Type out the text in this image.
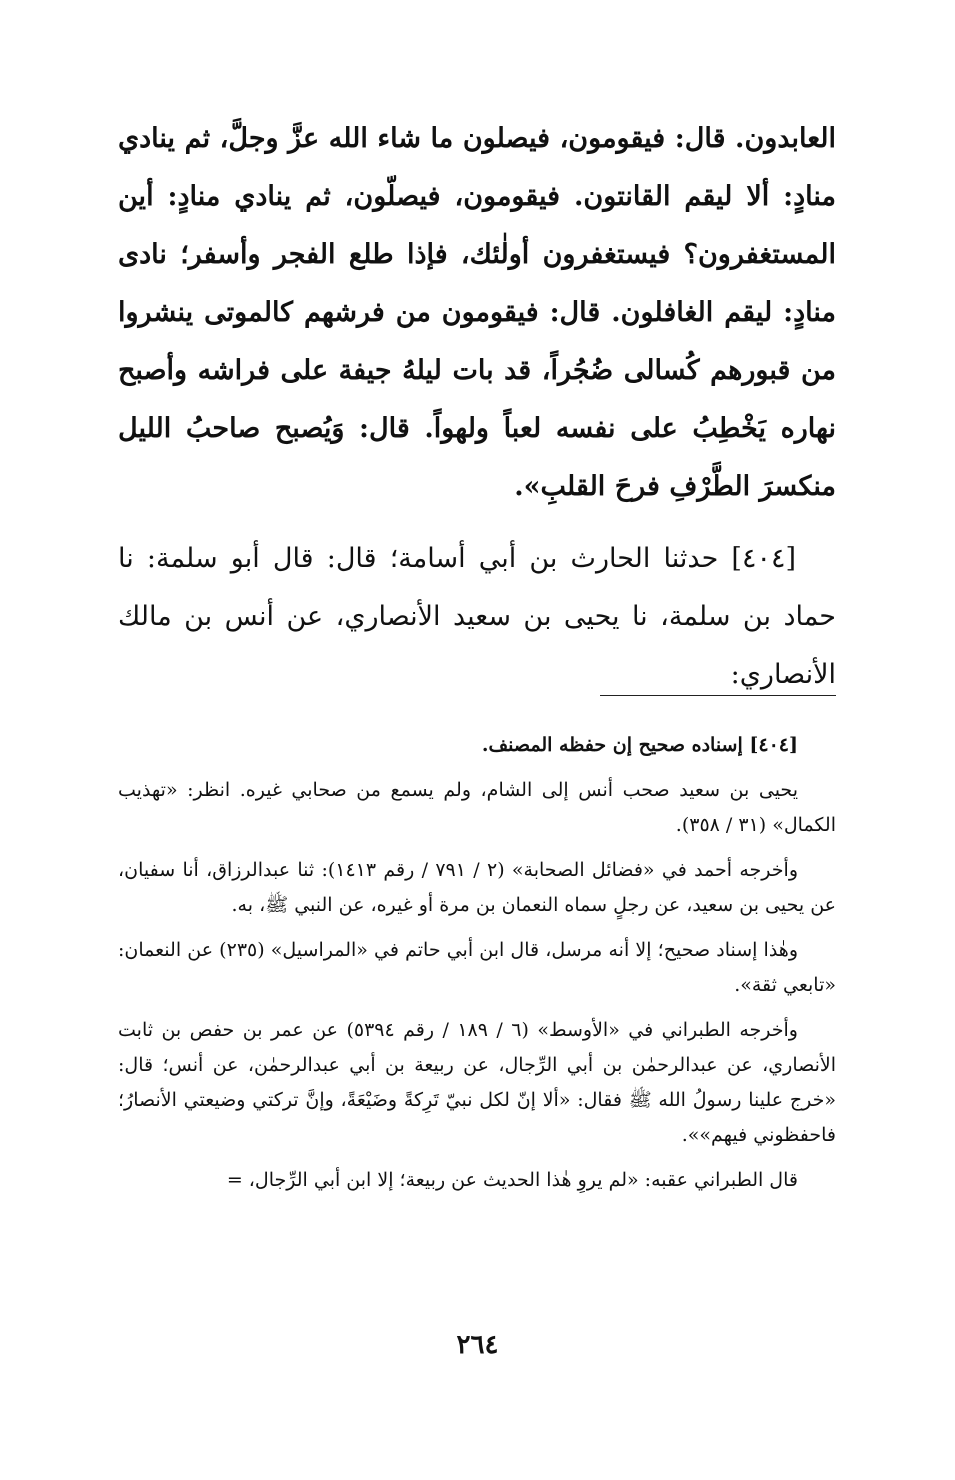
العابدون. قال: فيقومون، فيصلون ما شاء الله عزَّ وجلَّ، ثم ينادي منادٍ: ألا ليقم القانتون. فيقومون، فيصلّون، ثم ينادي منادٍ: أين المستغفرون؟ فيستغفرون أولٰئك، فإذا طلع الفجر وأسفر؛ نادى منادٍ: ليقم الغافلون. قال: فيقومون من فرشهم كالموتى ينشروا من قبورهم كُسالى ضُجُراً، قد بات ليلهُ جيفة على فراشه وأصبح نهاره يَخْطِبُ على نفسه لعباً ولهواً. قال: وَيُصبح صاحبُ الليل منكسرَ الطَّرْفِ فرحَ القلبِ».

[٤٠٤] حدثنا الحارث بن أبي أسامة؛ قال: قال أبو سلمة: نا حماد بن سلمة، نا يحيى بن سعيد الأنصاري، عن أنس بن مالك الأنصاري:

[٤٠٤] إسناده صحيح إن حفظه المصنف.

يحيى بن سعيد صحب أنس إلى الشام، ولم يسمع من صحابي غيره. انظر: «تهذيب الكمال» (٣١ / ٣٥٨).

وأخرجه أحمد في «فضائل الصحابة» (٢ / ٧٩١ / رقم ١٤١٣): ثنا عبدالرزاق، أنا سفيان، عن يحيى بن سعيد، عن رجلٍ سماه النعمان بن مرة أو غيره، عن النبي ﷺ، به.

وهٰذا إسناد صحيح؛ إلا أنه مرسل، قال ابن أبي حاتم في «المراسيل» (٢٣٥) عن النعمان: «تابعي ثقة».

وأخرجه الطبراني في «الأوسط» (٦ / ١٨٩ / رقم ٥٣٩٤) عن عمر بن حفص بن ثابت الأنصاري، عن عبدالرحمٰن بن أبي الرِّجال، عن ربيعة بن أبي عبدالرحمٰن، عن أنس؛ قال: «خرج علينا رسولُ الله ﷺ فقال: «ألا إنّ لكل نبيّ تَرِكةً وضَيْعَةً، وإنَّ تركتي وضيعتي الأنصارُ؛ فاحفظوني فيهم»».

قال الطبراني عقبه: «لم يروِ هٰذا الحديث عن ربيعة؛ إلا ابن أبي الرِّجال، =

٢٦٤
